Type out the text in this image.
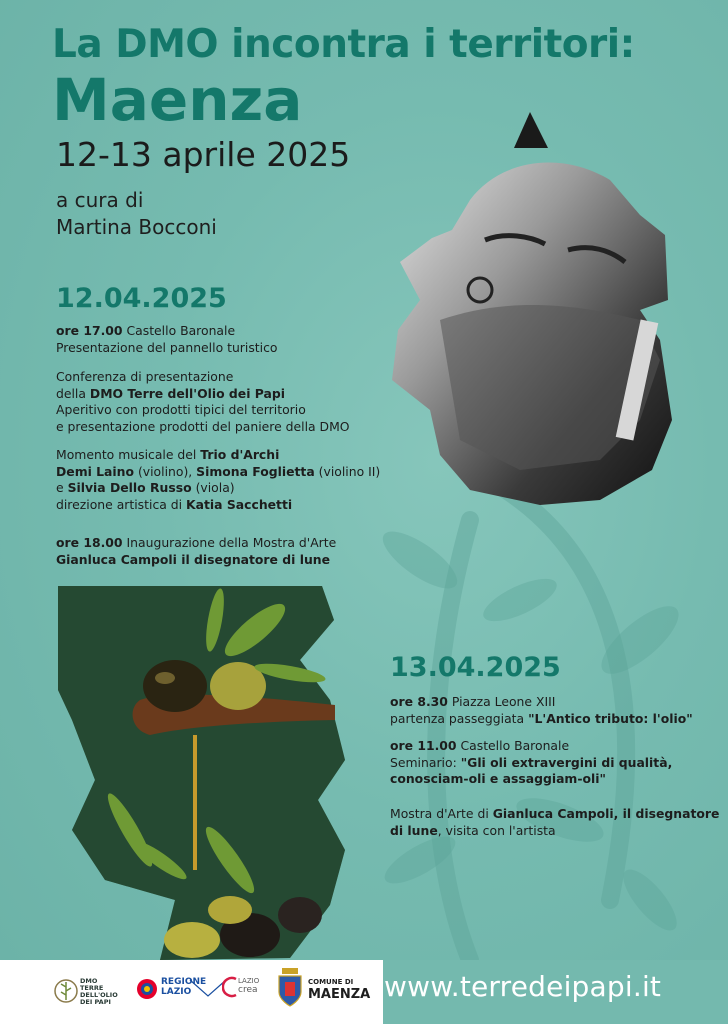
La DMO incontra i territori:
Maenza
12-13 aprile 2025
a cura di
Martina Bocconi
12.04.2025
ore 17.00 Castello Baronale
Presentazione del pannello turistico
Conferenza di presentazione
della DMO Terre dell'Olio dei Papi
Aperitivo con prodotti tipici del territorio
e presentazione prodotti del paniere della DMO
Momento musicale del Trio d'Archi
Demi Laino (violino), Simona Foglietta (violino II)
e Silvia Dello Russo (viola)
direzione artistica di Katia Sacchetti
ore 18.00 Inaugurazione della Mostra d'Arte
Gianluca Campoli il disegnatore di lune
13.04.2025
ore 8.30 Piazza Leone XIII
partenza passeggiata "L'Antico tributo: l'olio"
ore 11.00 Castello Baronale
Seminario: "Gli oli extravergini di qualità,
conosciam-oli e assaggiam-oli"
Mostra d'Arte di Gianluca Campoli, il disegnatore
di lune, visita con l'artista
DMO
TERRE
DELL'OLIO
DEI PAPI
REGIONE
LAZIO
LAZIO
crea
COMUNE DI
MAENZA www.terredeipapi.it
